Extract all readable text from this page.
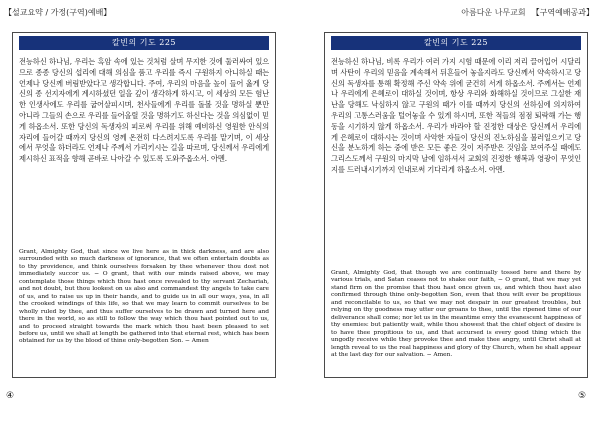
【설교요약 / 가정(구역)예배】	아름다운 나무교회 【구역예배공과】
칼빈의 기도 225
전능하신 하나님, 우리는 흑암 속에 있는 것처럼 살며 무지한 것에 둘러싸여 있으므로 종종 당신의 섭리에 대해 의심을 품고 우리를 즉시 구원하지 아니하실 때는 언제나 당신께 버림받았다고 생각합니다. 주여, 우리의 마음을 높이 들어 옳게 당신의 종 선지자에게 계시하셨던 일을 깊이 생각하게 하시고, 이 세상의 모든 험난한 인생사에도 우리를 굽어살피시며, 천사들에게 우리를 돌볼 것을 명하실 뿐만 아니라 그들의 손으로 우리를 들어올릴 것을 명하기도 하신다는 것을 의심없이 믿게 하옵소서. 또한 당신의 독생자의 피로써 우리를 위해 예비하신 영원한 안식의 자리에 들어갈 때까지 당신의 영께 온전히 다스려지도록 우리를 맡기며, 이 세상에서 무엇을 하더라도 언제나 주께서 가리키시는 길을 따르며, 당신께서 우리에게 제시하신 표적을 향해 곧바로 나아갈 수 있도록 도와주옵소서. 아멘.
Grant, Almighty God, that since we live here as in thick darkness, and are also surrounded with so much darkness of ignorance, that we often entertain doubts as to thy providence, and think ourselves forsaken by thee whenever thou dost not immediately succor us. − O grant, that with our minds raised above, we may contemplate those things which thou hast once revealed to thy servant Zechariah, and not doubt, but thou lookest on us also and commandest thy angels to take care of us, and to raise us up in their hands, and to guide us in all our ways, yea, in all the crooked windings of this life, so that we may learn to commit ourselves to be wholly ruled by thee, and thus suffer ourselves to be drawn and turned here and there in the world, so as still to follow the way which thou hast pointed out to us, and to proceed straight towards the mark which thou hast been pleased to set before us, until we shall at length be gathered into that eternal rest, which has been obtained for us by the blood of thine only-begotten Son. − Amen
칼빈의 기도 225
전능하신 하나님, 비록 우리가 여러 가지 시험 때문에 이리 저리 끌어입어 시달리며 사탄이 우리의 믿음을 계속해서 뒤흔들어 놓을지라도 당신께서 약속하시고 당신의 독생자를 통해 확정해 주신 약속 위에 굳건히 서게 하옵소서. 주께서는 언제나 우리에게 은혜로이 대하실 것이며, 항상 우리와 화해하실 것이므로 그실한 재난을 당해도 낙심하지 않고 구원의 때가 이를 때까지 당신의 선하심에 의지하여 우리의 고통스러움을 털어놓을 수 있게 하시며, 또한 적들의 점점 퇴락해 가는 행동을 시기하지 않게 하옵소서. 우리가 바라야 할 진정한 대상은 당신께서 우리에게 은혜로이 대하시는 것이며 사악한 자들이 당신의 진노하심을 불러일으키고 당신을 분노하게 하는 중에 받은 모든 좋은 것이 저주받은 것임을 보여주실 때에도 그리스도께서 구원의 마지막 날에 임하셔서 교회의 진정한 행복과 영광이 무엇인지를 드러내시기까지 인내로써 기다리게 하옵소서. 아멘.
Grant, Almighty God, that though we are continually tossed here and there by various trials, and Satan ceases not to shake our faith, − O grant, that we may yet stand firm on the promise that thou hast once given us, and which thou hast also confirmed through thine only-begotten Son, even that thou wilt ever be propitious and reconcilable to us, so that we may not despair in our greatest troubles, but relying on thy goodness may utter our groans to thee, until the ripened time of our deliverance shall come; nor let us in the meantime envy the evanescent happiness of thy enemies: but patiently wait, while thou showest that the chief object of desire is to have thee propitious to us, and that accursed is every good thing which the ungodly receive while they provoke thee and make thee angry, until Christ shall at length reveal to us the real happiness and glory of thy Church, when he shall appear at the last day for our salvation. − Amen.
④	⑤
